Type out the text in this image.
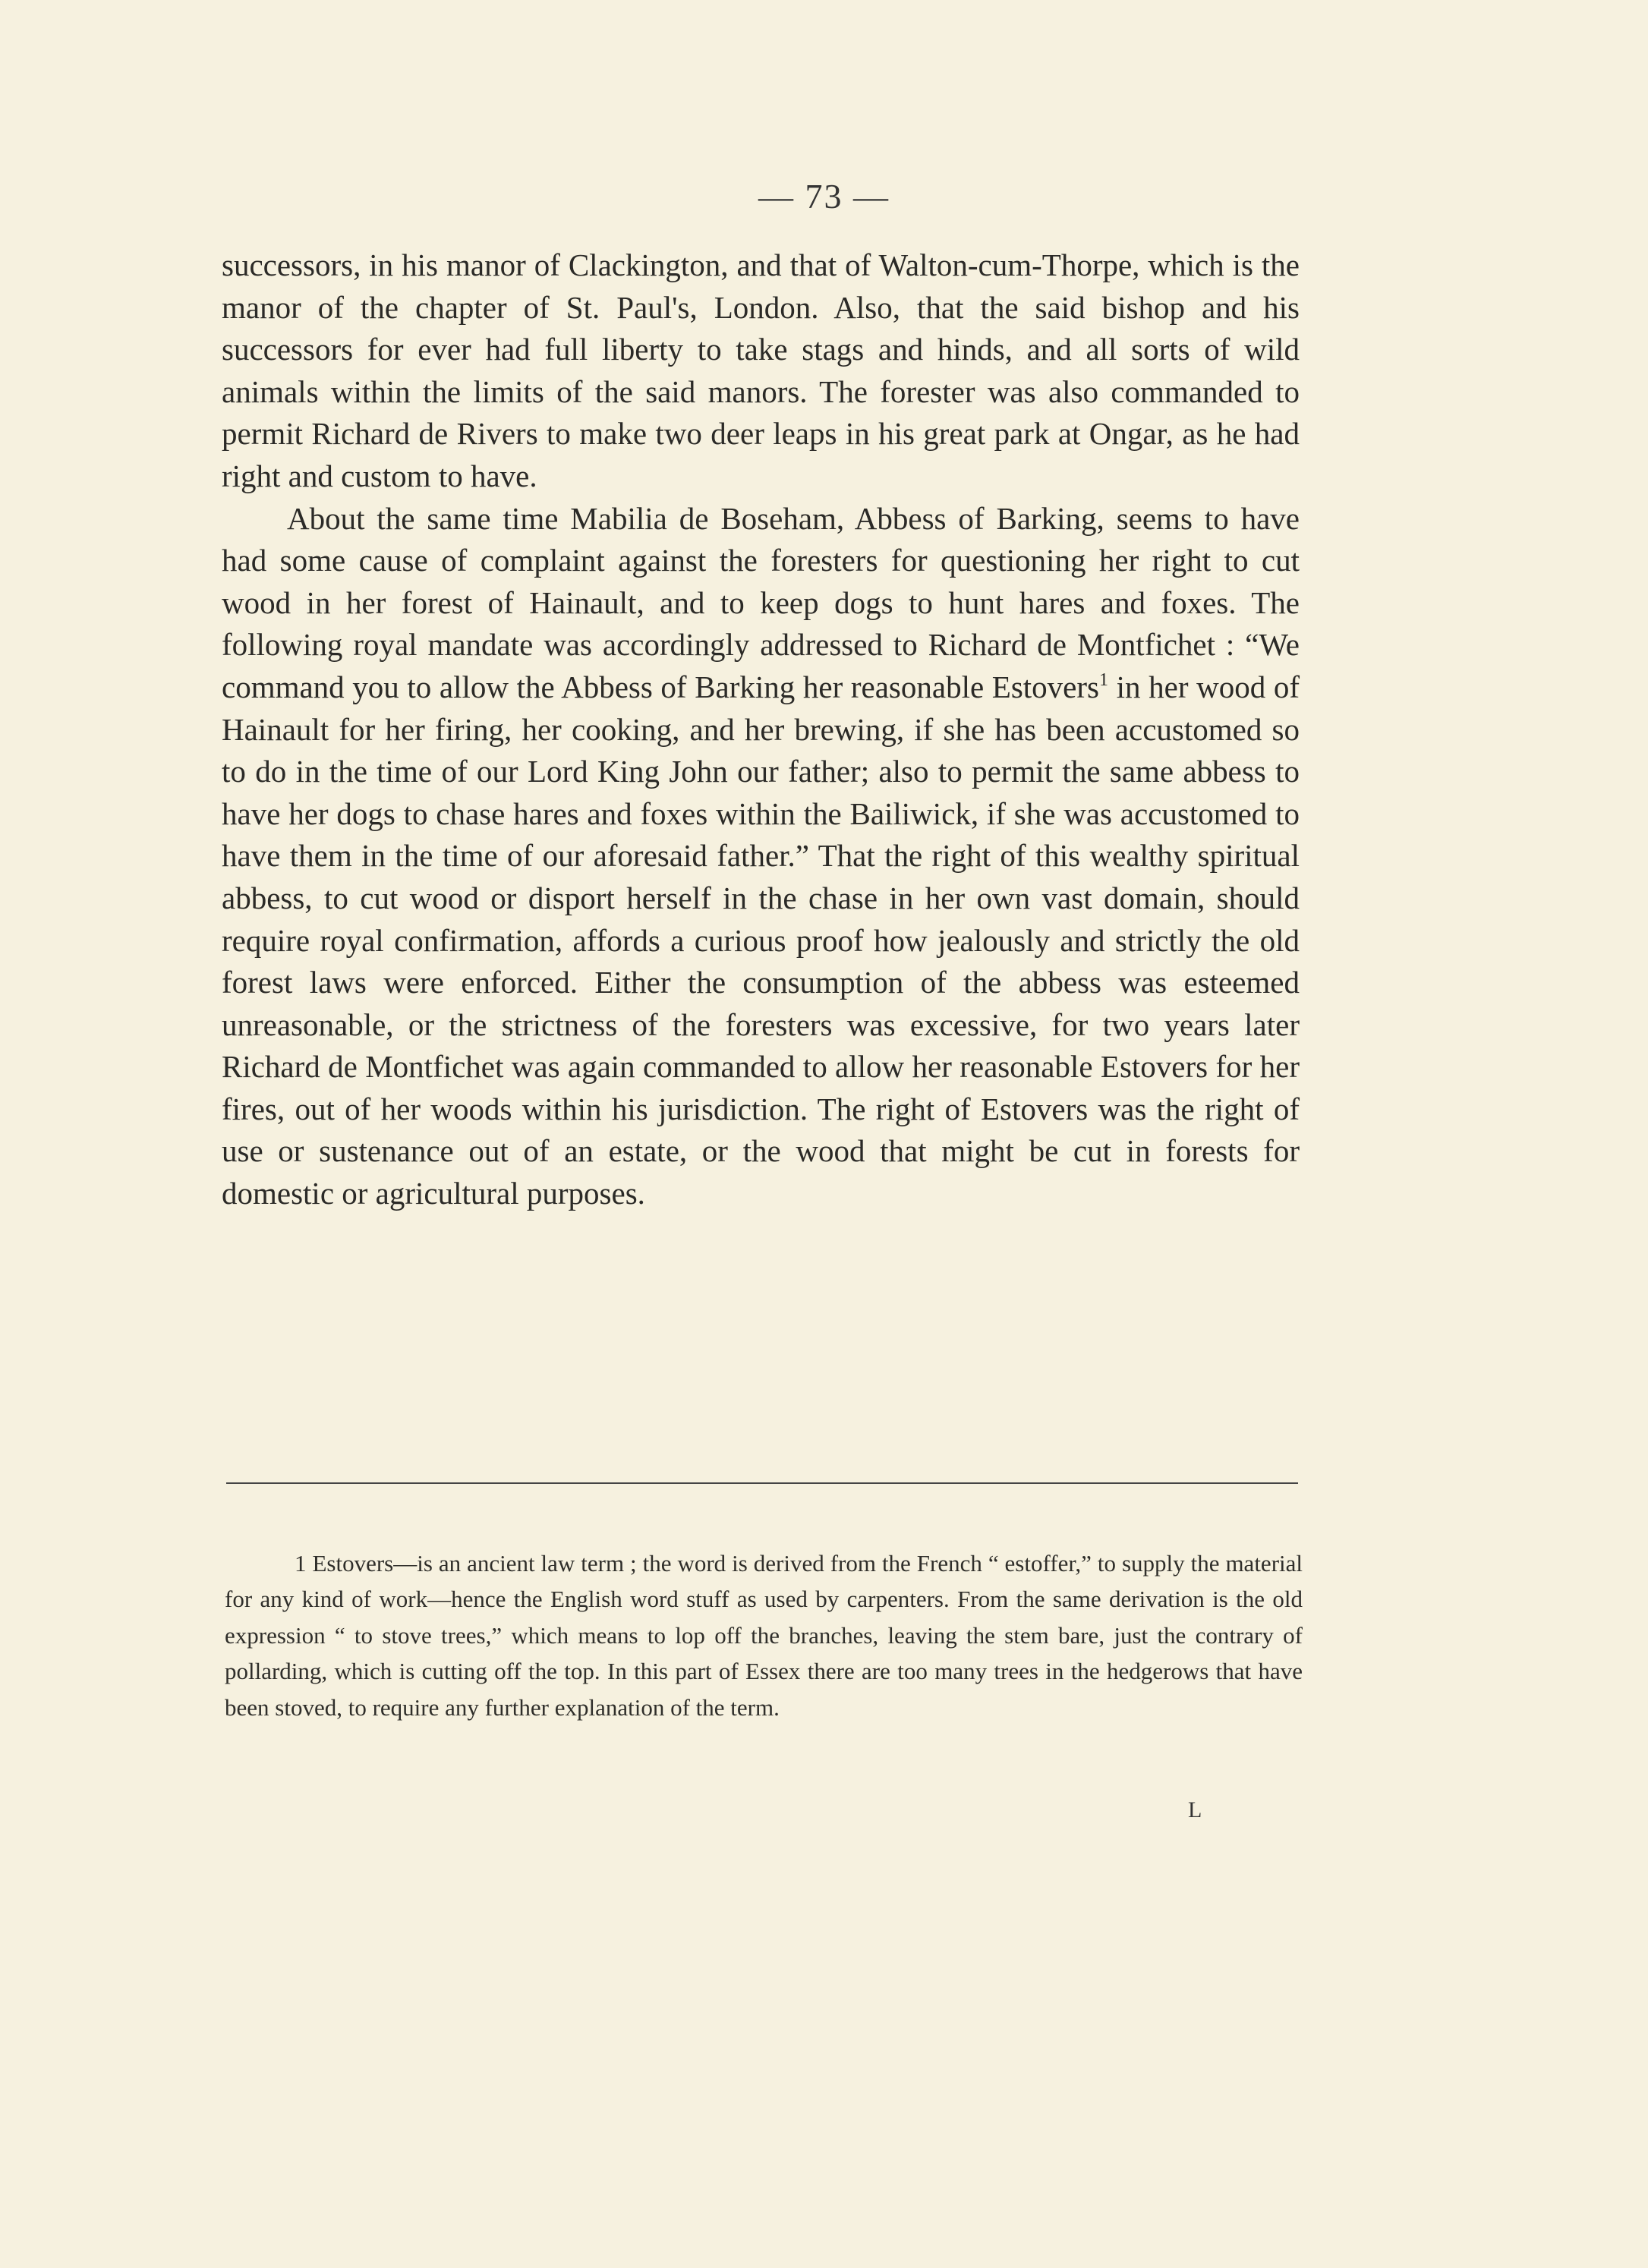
— 73 —

successors, in his manor of Clackington, and that of Walton-cum-Thorpe, which is the manor of the chapter of St. Paul's, London. Also, that the said bishop and his successors for ever had full liberty to take stags and hinds, and all sorts of wild animals within the limits of the said manors. The forester was also commanded to permit Richard de Rivers to make two deer leaps in his great park at Ongar, as he had right and custom to have.

About the same time Mabilia de Boseham, Abbess of Barking, seems to have had some cause of complaint against the foresters for questioning her right to cut wood in her forest of Hainault, and to keep dogs to hunt hares and foxes. The following royal mandate was accordingly addressed to Richard de Montfichet : “We command you to allow the Abbess of Barking her reasonable Estovers$^1$ in her wood of Hainault for her firing, her cooking, and her brewing, if she has been accustomed so to do in the time of our Lord King John our father; also to permit the same abbess to have her dogs to chase hares and foxes within the Bailiwick, if she was accustomed to have them in the time of our aforesaid father.” That the right of this wealthy spiritual abbess, to cut wood or disport herself in the chase in her own vast domain, should require royal confirmation, affords a curious proof how jealously and strictly the old forest laws were enforced. Either the consumption of the abbess was esteemed unreasonable, or the strictness of the foresters was excessive, for two years later Richard de Montfichet was again commanded to allow her reasonable Estovers for her fires, out of her woods within his jurisdiction. The right of Estovers was the right of use or sustenance out of an estate, or the wood that might be cut in forests for domestic or agricultural purposes.

1 Estovers—is an ancient law term ; the word is derived from the French “ estoffer,” to supply the material for any kind of work—hence the English word stuff as used by carpenters. From the same derivation is the old expression “ to stove trees,” which means to lop off the branches, leaving the stem bare, just the contrary of pollarding, which is cutting off the top. In this part of Essex there are too many trees in the hedgerows that have been stoved, to require any further explanation of the term.

L
